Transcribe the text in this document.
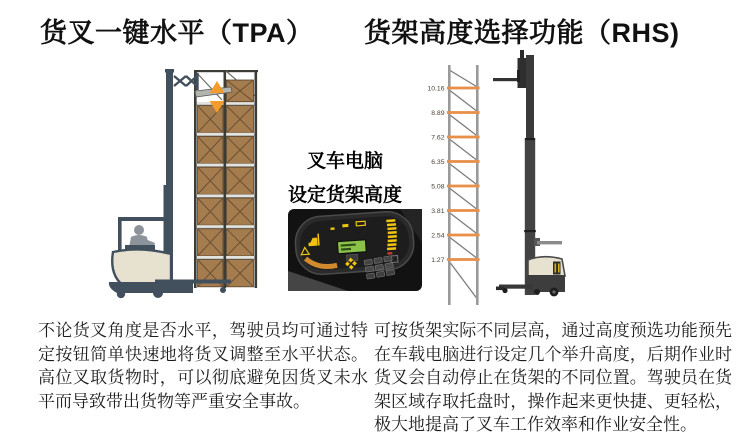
货叉一键水平（TPA） 货架高度选择功能（RHS)
叉车电脑
设定货架高度
10.16
8.89
7.62
6.35
5.08
3.81
2.54
1.27

不论货叉角度是否水平，驾驶员均可通过特定按钮简单快速地将货叉调整至水平状态。高位叉取货物时，可以彻底避免因货叉未水平而导致带出货物等严重安全事故。

可按货架实际不同层高，通过高度预选功能预先在车载电脑进行设定几个举升高度，后期作业时货叉会自动停止在货架的不同位置。驾驶员在货架区域存取托盘时，操作起来更快捷、更轻松，极大地提高了叉车工作效率和作业安全性。
